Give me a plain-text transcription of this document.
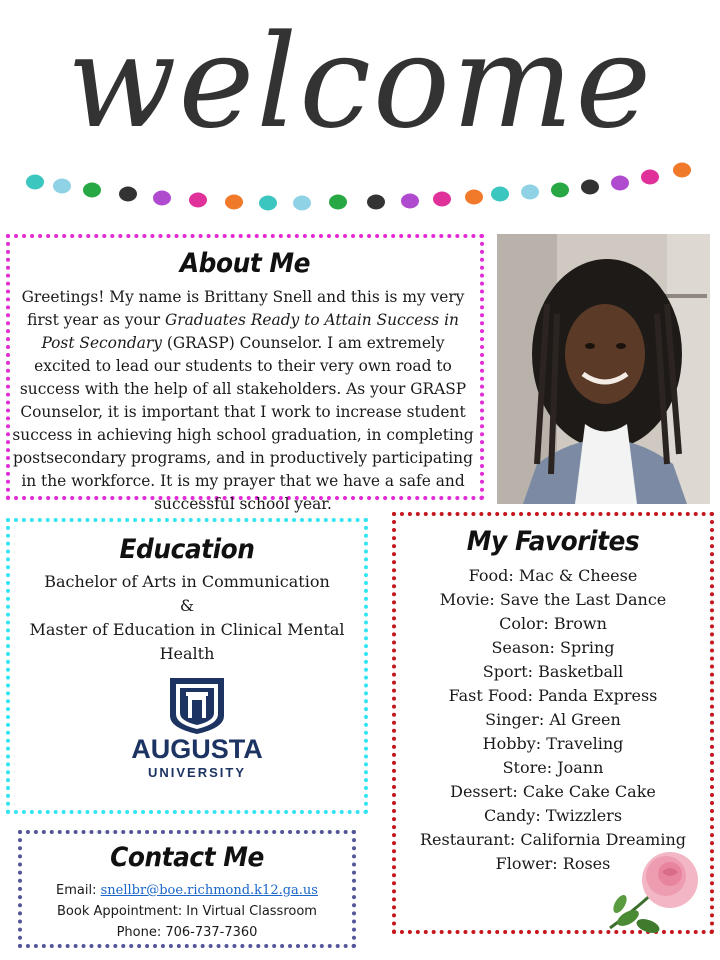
welcome
About Me
Greetings! My name is Brittany Snell and this is my very first year as your Graduates Ready to Attain Success in Post Secondary (GRASP) Counselor. I am extremely excited to lead our students to their very own road to success with the help of all stakeholders. As your GRASP Counselor, it is important that I work to increase student success in achieving high school graduation, in completing postsecondary programs, and in productively participating in the workforce. It is my prayer that we have a safe and successful school year.
Education
Bachelor of Arts in Communication
&
Master of Education in Clinical Mental Health
AUGUSTA
UNIVERSITY
My Favorites
Food: Mac & Cheese
Movie: Save the Last Dance
Color: Brown
Season: Spring
Sport: Basketball
Fast Food: Panda Express
Singer: Al Green
Hobby: Traveling
Store: Joann
Dessert: Cake Cake Cake
Candy: Twizzlers
Restaurant: California Dreaming
Flower: Roses
Contact Me
Email: snellbr@boe.richmond.k12.ga.us
Book Appointment: In Virtual Classroom
Phone: 706-737-7360
